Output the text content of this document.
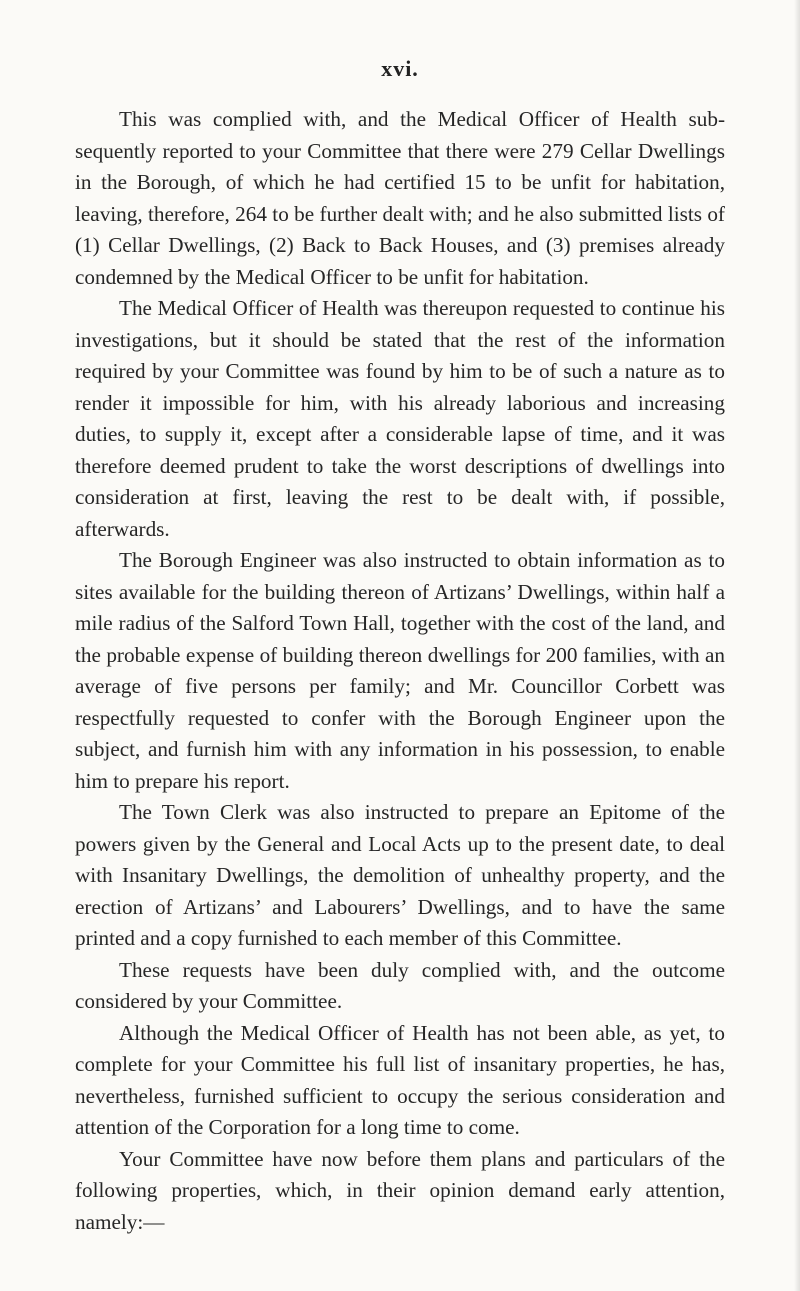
xvi.

This was complied with, and the Medical Officer of Health subsequently reported to your Committee that there were 279 Cellar Dwellings in the Borough, of which he had certified 15 to be unfit for habitation, leaving, therefore, 264 to be further dealt with; and he also submitted lists of (1) Cellar Dwellings, (2) Back to Back Houses, and (3) premises already condemned by the Medical Officer to be unfit for habitation.

The Medical Officer of Health was thereupon requested to continue his investigations, but it should be stated that the rest of the information required by your Committee was found by him to be of such a nature as to render it impossible for him, with his already laborious and increasing duties, to supply it, except after a considerable lapse of time, and it was therefore deemed prudent to take the worst descriptions of dwellings into consideration at first, leaving the rest to be dealt with, if possible, afterwards.

The Borough Engineer was also instructed to obtain information as to sites available for the building thereon of Artizans’ Dwellings, within half a mile radius of the Salford Town Hall, together with the cost of the land, and the probable expense of building thereon dwellings for 200 families, with an average of five persons per family; and Mr. Councillor Corbett was respectfully requested to confer with the Borough Engineer upon the subject, and furnish him with any information in his possession, to enable him to prepare his report.

The Town Clerk was also instructed to prepare an Epitome of the powers given by the General and Local Acts up to the present date, to deal with Insanitary Dwellings, the demolition of unhealthy property, and the erection of Artizans’ and Labourers’ Dwellings, and to have the same printed and a copy furnished to each member of this Committee.

These requests have been duly complied with, and the outcome considered by your Committee.

Although the Medical Officer of Health has not been able, as yet, to complete for your Committee his full list of insanitary properties, he has, nevertheless, furnished sufficient to occupy the serious consideration and attention of the Corporation for a long time to come.

Your Committee have now before them plans and particulars of the following properties, which, in their opinion demand early attention, namely:—
